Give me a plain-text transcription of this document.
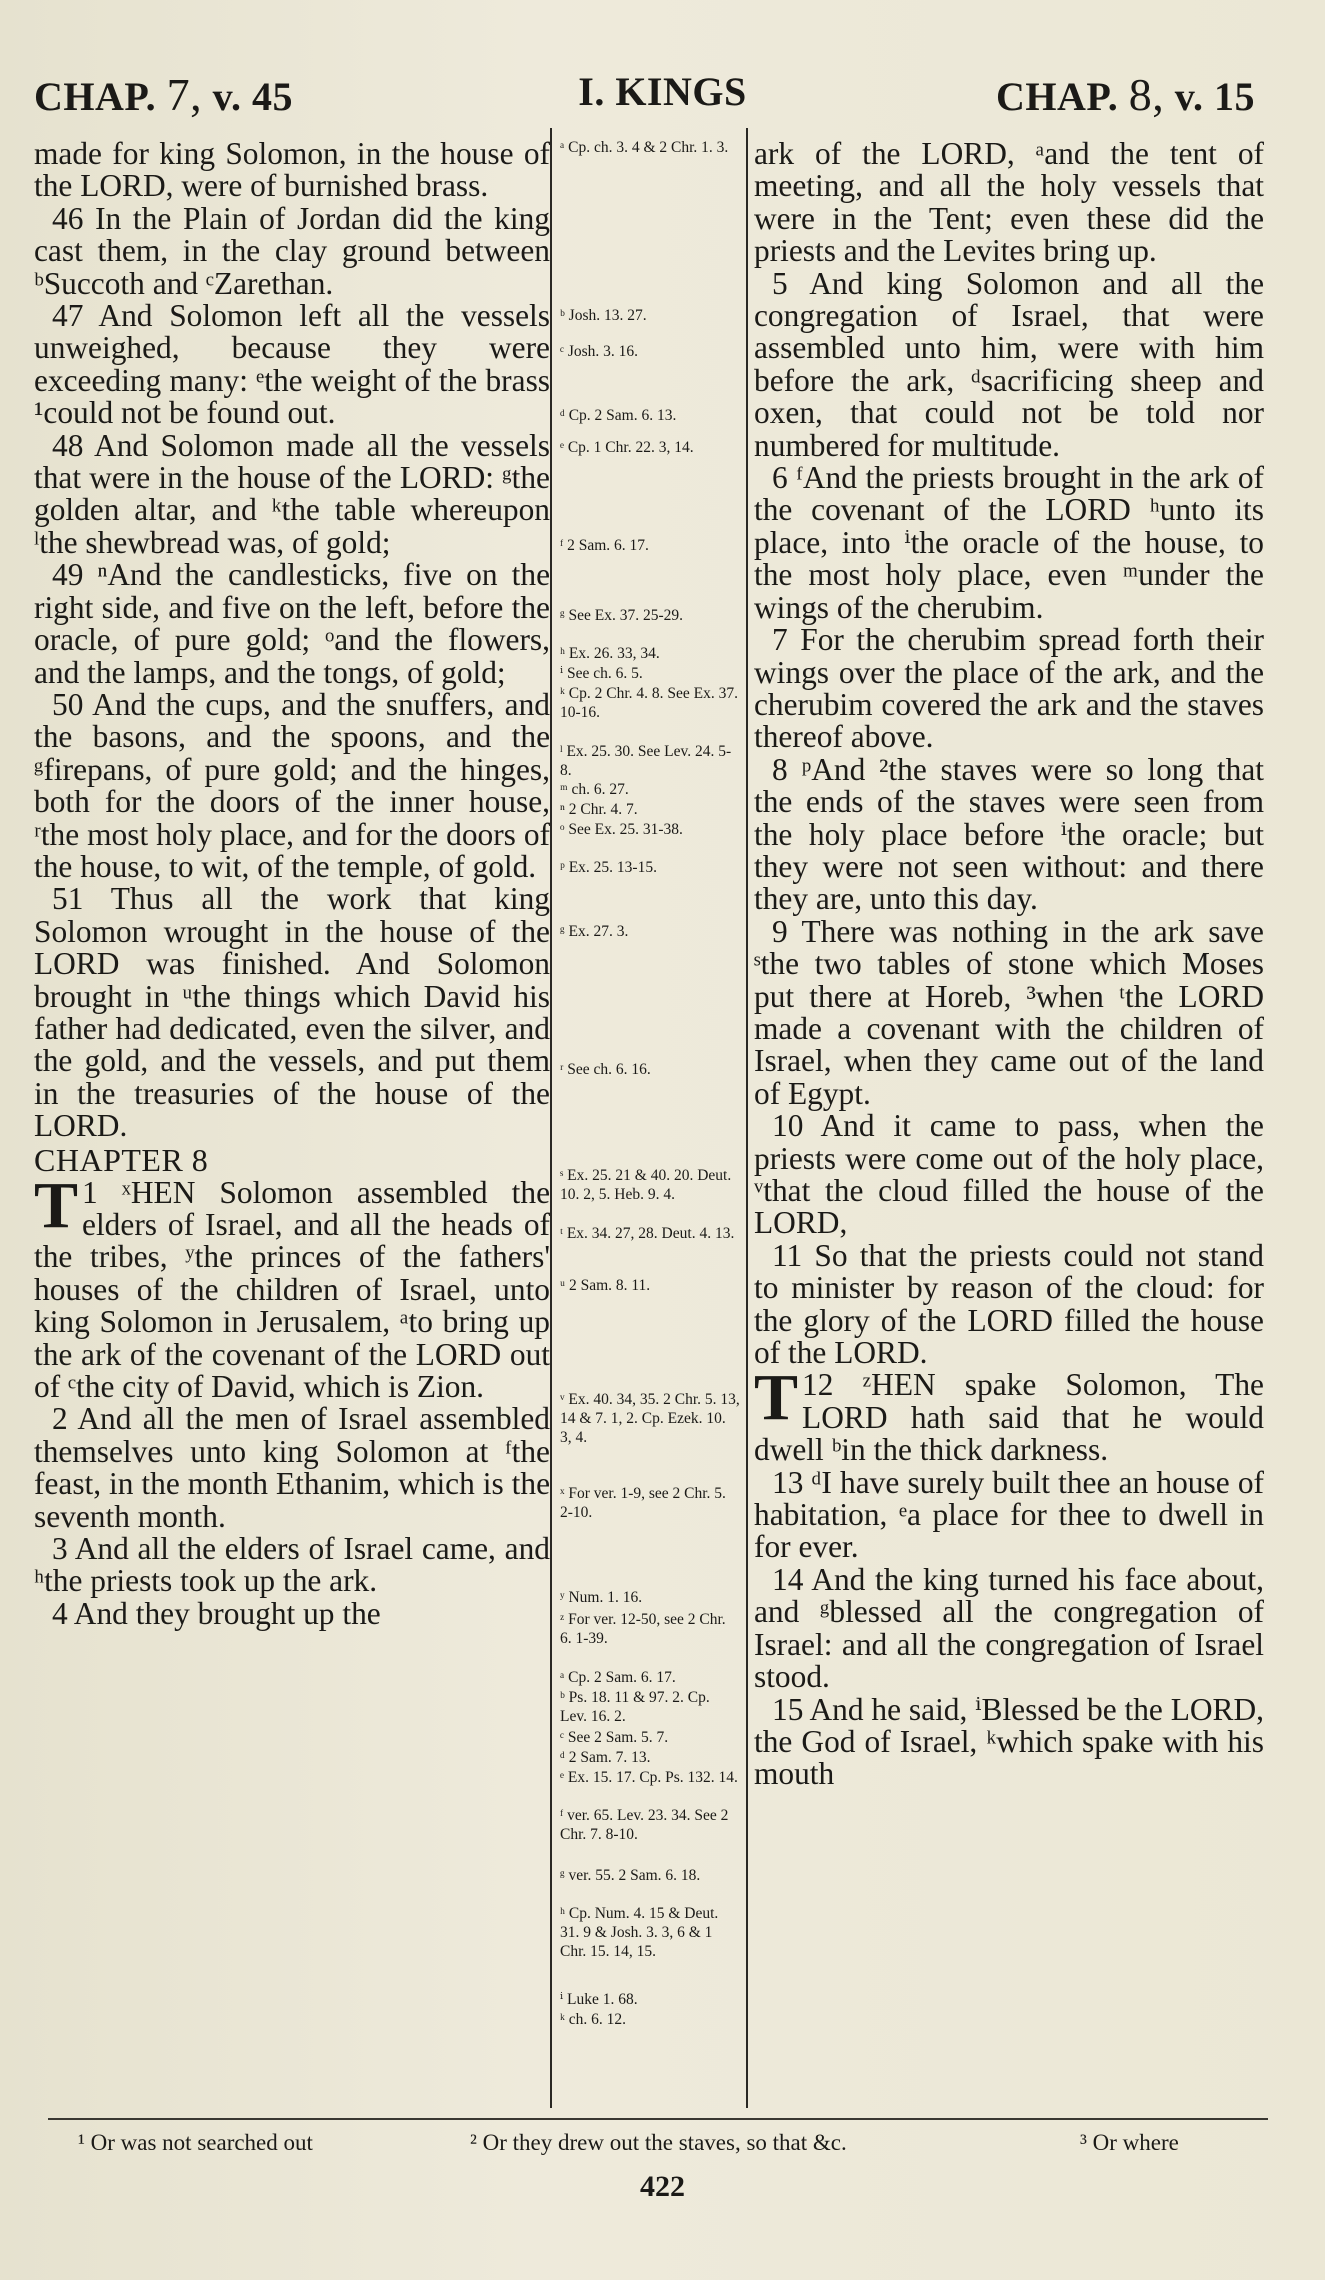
CHAP. 7, v. 45	I. KINGS	CHAP. 8, v. 15

made for king Solomon, in the house of the LORD, were of burnished brass.

46 In the Plain of Jordan did the king cast them, in the clay ground between ᵇSuccoth and ᶜZarethan.

47 And Solomon left all the vessels unweighed, because they were exceeding many: ᵉthe weight of the brass ¹could not be found out.

48 And Solomon made all the vessels that were in the house of the LORD: ᵍthe golden altar, and ᵏthe table whereupon ˡthe shewbread was, of gold;

49 ⁿAnd the candlesticks, five on the right side, and five on the left, before the oracle, of pure gold; ᵒand the flowers, and the lamps, and the tongs, of gold;

50 And the cups, and the snuffers, and the basons, and the spoons, and the ᵍfirepans, of pure gold; and the hinges, both for the doors of the inner house, ʳthe most holy place, and for the doors of the house, to wit, of the temple, of gold.

51 Thus all the work that king Solomon wrought in the house of the LORD was finished. And Solomon brought in ᵘthe things which David his father had dedicated, even the silver, and the gold, and the vessels, and put them in the treasuries of the house of the LORD.

CHAPTER 8

1 ˣ
T HEN Solomon assembled the elders of Israel, and all the heads of the tribes, ʸthe princes of the fathers' houses of the children of Israel, unto king Solomon in Jerusalem, ᵃto bring up the ark of the covenant of the LORD out of ᶜthe city of David, which is Zion.

2 And all the men of Israel assembled themselves unto king Solomon at ᶠthe feast, in the month Ethanim, which is the seventh month.

3 And all the elders of Israel came, and ʰthe priests took up the ark.

4 And they brought up the

ᵃ Cp. ch. 3. 4 & 2 Chr. 1. 3.
ᵇ Josh. 13. 27.
ᶜ Josh. 3. 16.
ᵈ Cp. 2 Sam. 6. 13.
ᵉ Cp. 1 Chr. 22. 3, 14.
ᶠ 2 Sam. 6. 17.
ᵍ See Ex. 37. 25-29.
ʰ Ex. 26. 33, 34.
ⁱ See ch. 6. 5.
ᵏ Cp. 2 Chr. 4. 8. See Ex. 37. 10-16.
ˡ Ex. 25. 30. See Lev. 24. 5-8.
ᵐ ch. 6. 27.
ⁿ 2 Chr. 4. 7.
ᵒ See Ex. 25. 31-38.
ᵖ Ex. 25. 13-15.
ᵍ Ex. 27. 3.
ʳ See ch. 6. 16.
ˢ Ex. 25. 21 & 40. 20. Deut. 10. 2, 5. Heb. 9. 4.
ᵗ Ex. 34. 27, 28. Deut. 4. 13.
ᵘ 2 Sam. 8. 11.
ᵛ Ex. 40. 34, 35. 2 Chr. 5. 13, 14 & 7. 1, 2. Cp. Ezek. 10. 3, 4.
ˣ For ver. 1-9, see 2 Chr. 5. 2-10.
ʸ Num. 1. 16.
ᶻ For ver. 12-50, see 2 Chr. 6. 1-39.
ᵃ Cp. 2 Sam. 6. 17.
ᵇ Ps. 18. 11 & 97. 2. Cp. Lev. 16. 2.
ᶜ See 2 Sam. 5. 7.
ᵈ 2 Sam. 7. 13.
ᵉ Ex. 15. 17. Cp. Ps. 132. 14.
ᶠ ver. 65. Lev. 23. 34. See 2 Chr. 7. 8-10.
ᵍ ver. 55. 2 Sam. 6. 18.
ʰ Cp. Num. 4. 15 & Deut. 31. 9 & Josh. 3. 3, 6 & 1 Chr. 15. 14, 15.
ⁱ Luke 1. 68.
ᵏ ch. 6. 12.

ark of the LORD, ᵃand the tent of meeting, and all the holy vessels that were in the Tent; even these did the priests and the Levites bring up.

5 And king Solomon and all the congregation of Israel, that were assembled unto him, were with him before the ark, ᵈsacrificing sheep and oxen, that could not be told nor numbered for multitude.

6 ᶠAnd the priests brought in the ark of the covenant of the LORD ʰunto its place, into ⁱthe oracle of the house, to the most holy place, even ᵐunder the wings of the cherubim.

7 For the cherubim spread forth their wings over the place of the ark, and the cherubim covered the ark and the staves thereof above.

8 ᵖAnd ²the staves were so long that the ends of the staves were seen from the holy place before ⁱthe oracle; but they were not seen without: and there they are, unto this day.

9 There was nothing in the ark save ˢthe two tables of stone which Moses put there at Horeb, ³when ᵗthe LORD made a covenant with the children of Israel, when they came out of the land of Egypt.

10 And it came to pass, when the priests were come out of the holy place, ᵛthat the cloud filled the house of the LORD,

11 So that the priests could not stand to minister by reason of the cloud: for the glory of the LORD filled the house of the LORD.

12 ᶻ
T HEN spake Solomon, The LORD hath said that he would dwell ᵇin the thick darkness.

13 ᵈI have surely built thee an house of habitation, ᵉa place for thee to dwell in for ever.

14 And the king turned his face about, and ᵍblessed all the congregation of Israel: and all the congregation of Israel stood.

15 And he said, ⁱBlessed be the LORD, the God of Israel, ᵏwhich spake with his mouth

¹ Or was not searched out	² Or they drew out the staves, so that &c.	³ Or where
422
